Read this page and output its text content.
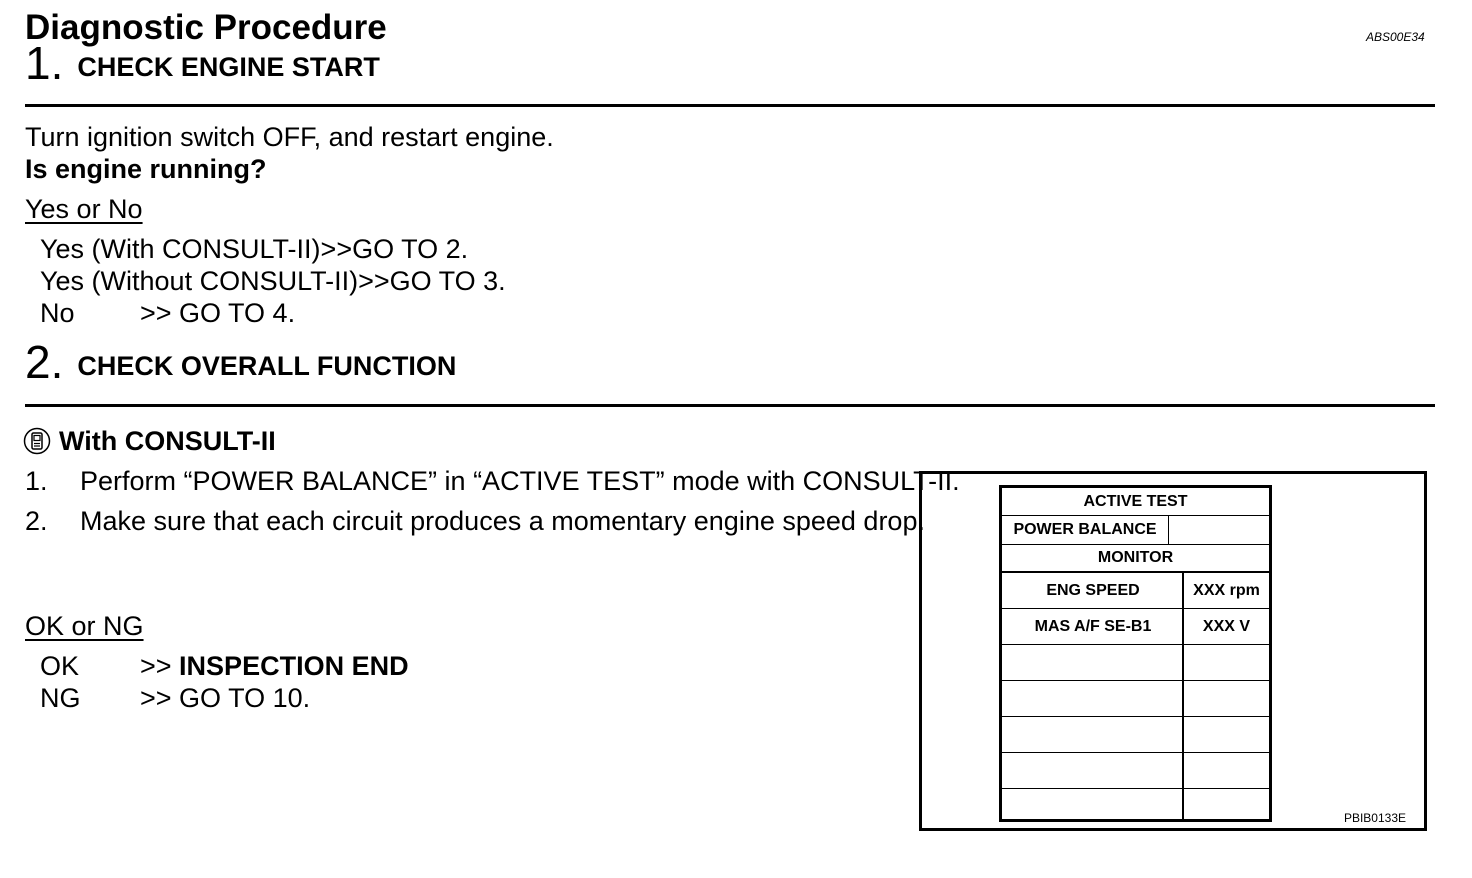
Diagnostic Procedure	ABS00E34
1. CHECK ENGINE START
Turn ignition switch OFF, and restart engine.
Is engine running?
Yes or No
Yes (With CONSULT-II)>>GO TO 2.
Yes (Without CONSULT-II)>>GO TO 3.
No >> GO TO 4.
2. CHECK OVERALL FUNCTION
With CONSULT-II
1.	Perform “POWER BALANCE” in “ACTIVE TEST” mode with CONSULT-II.
2.	Make sure that each circuit produces a momentary engine speed drop.
OK or NG
OK >> INSPECTION END
NG >> GO TO 10.
ACTIVE TEST
POWER BALANCE
MONITOR
ENG SPEED	XXX rpm
MAS A/F SE-B1	XXX V
PBIB0133E
